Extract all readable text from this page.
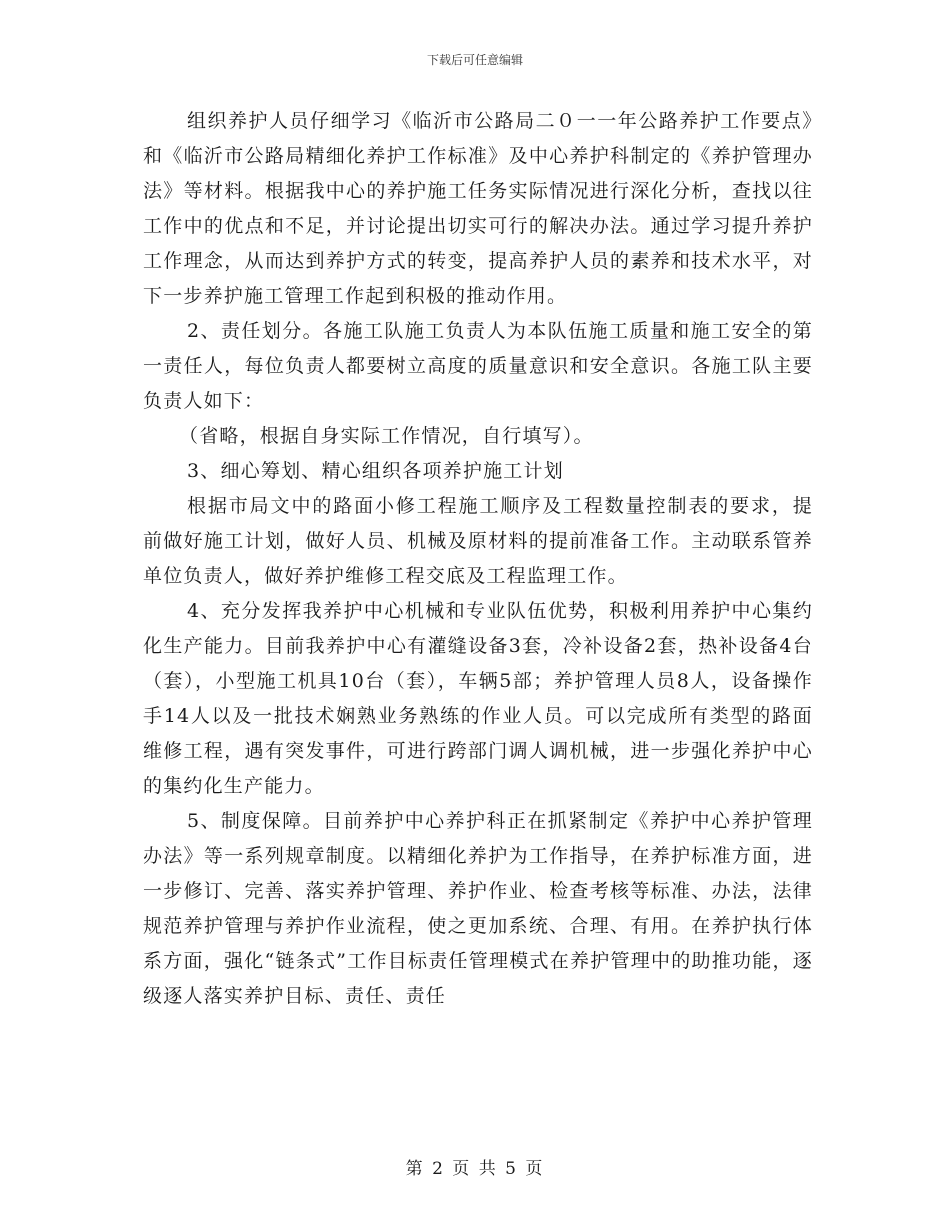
下载后可任意编辑

组织养护人员仔细学习《临沂市公路局二０一一年公路养护工作要点》和《临沂市公路局精细化养护工作标准》及中心养护科制定的《养护管理办法》等材料。根据我中心的养护施工任务实际情况进行深化分析，查找以往工作中的优点和不足，并讨论提出切实可行的解决办法。通过学习提升养护工作理念，从而达到养护方式的转变，提高养护人员的素养和技术水平，对下一步养护施工管理工作起到积极的推动作用。

2、责任划分。各施工队施工负责人为本队伍施工质量和施工安全的第一责任人，每位负责人都要树立高度的质量意识和安全意识。各施工队主要负责人如下：

（省略，根据自身实际工作情况，自行填写）。

3、细心筹划、精心组织各项养护施工计划

根据市局文中的路面小修工程施工顺序及工程数量控制表的要求，提前做好施工计划，做好人员、机械及原材料的提前准备工作。主动联系管养单位负责人，做好养护维修工程交底及工程监理工作。

4、充分发挥我养护中心机械和专业队伍优势，积极利用养护中心集约化生产能力。目前我养护中心有灌缝设备3套，冷补设备2套，热补设备4台（套），小型施工机具10台（套），车辆5部；养护管理人员8人，设备操作手14人以及一批技术娴熟业务熟练的作业人员。可以完成所有类型的路面维修工程，遇有突发事件，可进行跨部门调人调机械，进一步强化养护中心的集约化生产能力。

5、制度保障。目前养护中心养护科正在抓紧制定《养护中心养护管理办法》等一系列规章制度。以精细化养护为工作指导，在养护标准方面，进一步修订、完善、落实养护管理、养护作业、检查考核等标准、办法，法律规范养护管理与养护作业流程，使之更加系统、合理、有用。在养护执行体系方面，强化“链条式”工作目标责任管理模式在养护管理中的助推功能，逐级逐人落实养护目标、责任、责任

第 2 页 共 5 页
